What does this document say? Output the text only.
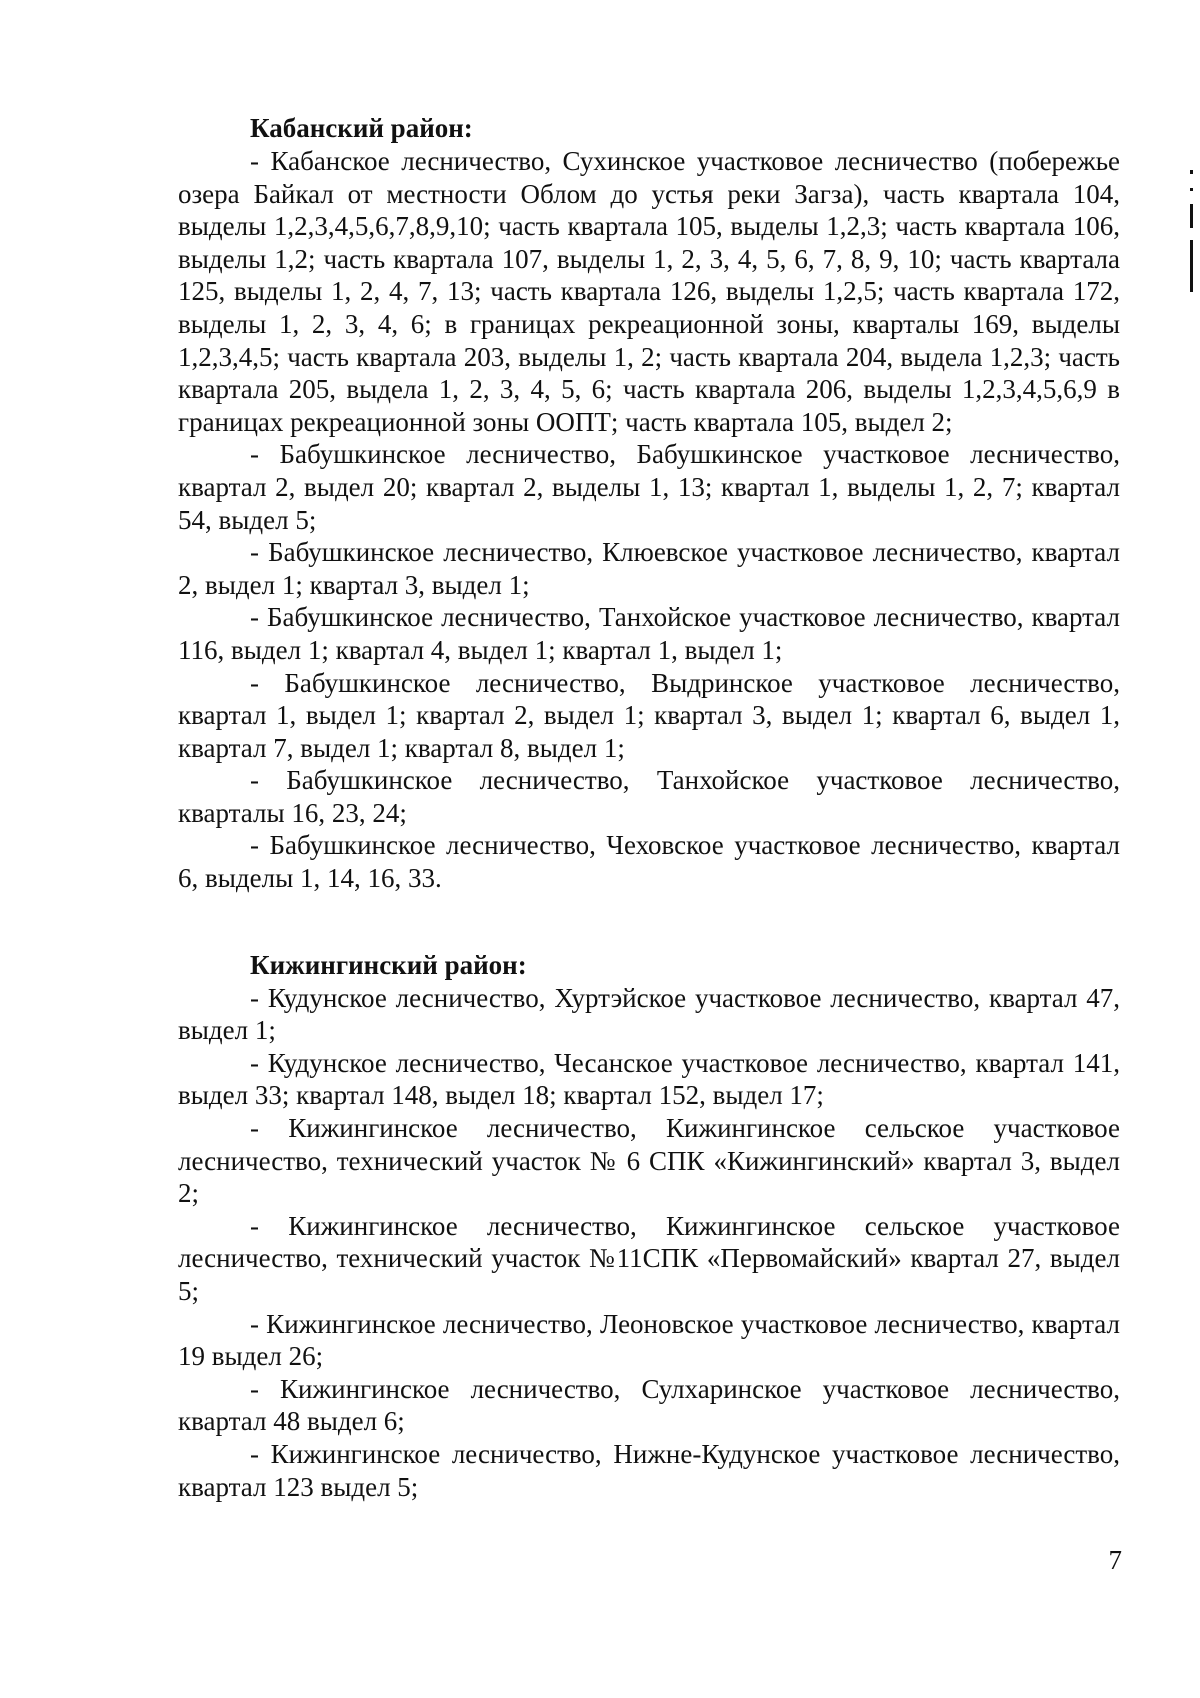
Кабанский район:

- Кабанское лесничество, Сухинское участковое лесничество (побережье озера Байкал от местности Облом до устья реки Загза), часть квартала 104, выделы 1,2,3,4,5,6,7,8,9,10; часть квартала 105, выделы 1,2,3; часть квартала 106, выделы 1,2; часть квартала 107, выделы 1, 2, 3, 4, 5, 6, 7, 8, 9, 10; часть квартала 125, выделы 1, 2, 4, 7, 13; часть квартала 126, выделы 1,2,5; часть квартала 172, выделы 1, 2, 3, 4, 6; в границах рекреационной зоны, кварталы 169, выделы 1,2,3,4,5; часть квартала 203, выделы 1, 2; часть квартала 204, выдела 1,2,3; часть квартала 205, выдела 1, 2, 3, 4, 5, 6; часть квартала 206, выделы 1,2,3,4,5,6,9 в границах рекреационной зоны ООПТ; часть квартала 105, выдел 2;

- Бабушкинское лесничество, Бабушкинское участковое лесничество, квартал 2, выдел 20; квартал 2, выделы 1, 13; квартал 1, выделы 1, 2, 7; квартал 54, выдел 5;

- Бабушкинское лесничество, Клюевское участковое лесничество, квартал 2, выдел 1; квартал 3, выдел 1;

- Бабушкинское лесничество, Танхойское участковое лесничество, квартал 116, выдел 1; квартал 4, выдел 1; квартал 1, выдел 1;

- Бабушкинское лесничество, Выдринское участковое лесничество, квартал 1, выдел 1; квартал 2, выдел 1; квартал 3, выдел 1; квартал 6, выдел 1, квартал 7, выдел 1; квартал 8, выдел 1;

- Бабушкинское лесничество, Танхойское участковое лесничество, кварталы 16, 23, 24;

- Бабушкинское лесничество, Чеховское участковое лесничество, квартал 6, выделы 1, 14, 16, 33.

Кижингинский район:

- Кудунское лесничество, Хуртэйское участковое лесничество, квартал 47, выдел 1;

- Кудунское лесничество, Чесанское участковое лесничество, квартал 141, выдел 33; квартал 148, выдел 18; квартал 152, выдел 17;

- Кижингинское лесничество, Кижингинское сельское участковое лесничество, технический участок № 6 СПК «Кижингинский» квартал 3, выдел 2;

- Кижингинское лесничество, Кижингинское сельское участковое лесничество, технический участок №11СПК «Первомайский» квартал 27, выдел 5;

- Кижингинское лесничество, Леоновское участковое лесничество, квартал 19 выдел 26;

- Кижингинское лесничество, Сулхаринское участковое лесничество, квартал 48 выдел 6;

- Кижингинское лесничество, Нижне-Кудунское участковое лесничество, квартал 123 выдел 5;

7
